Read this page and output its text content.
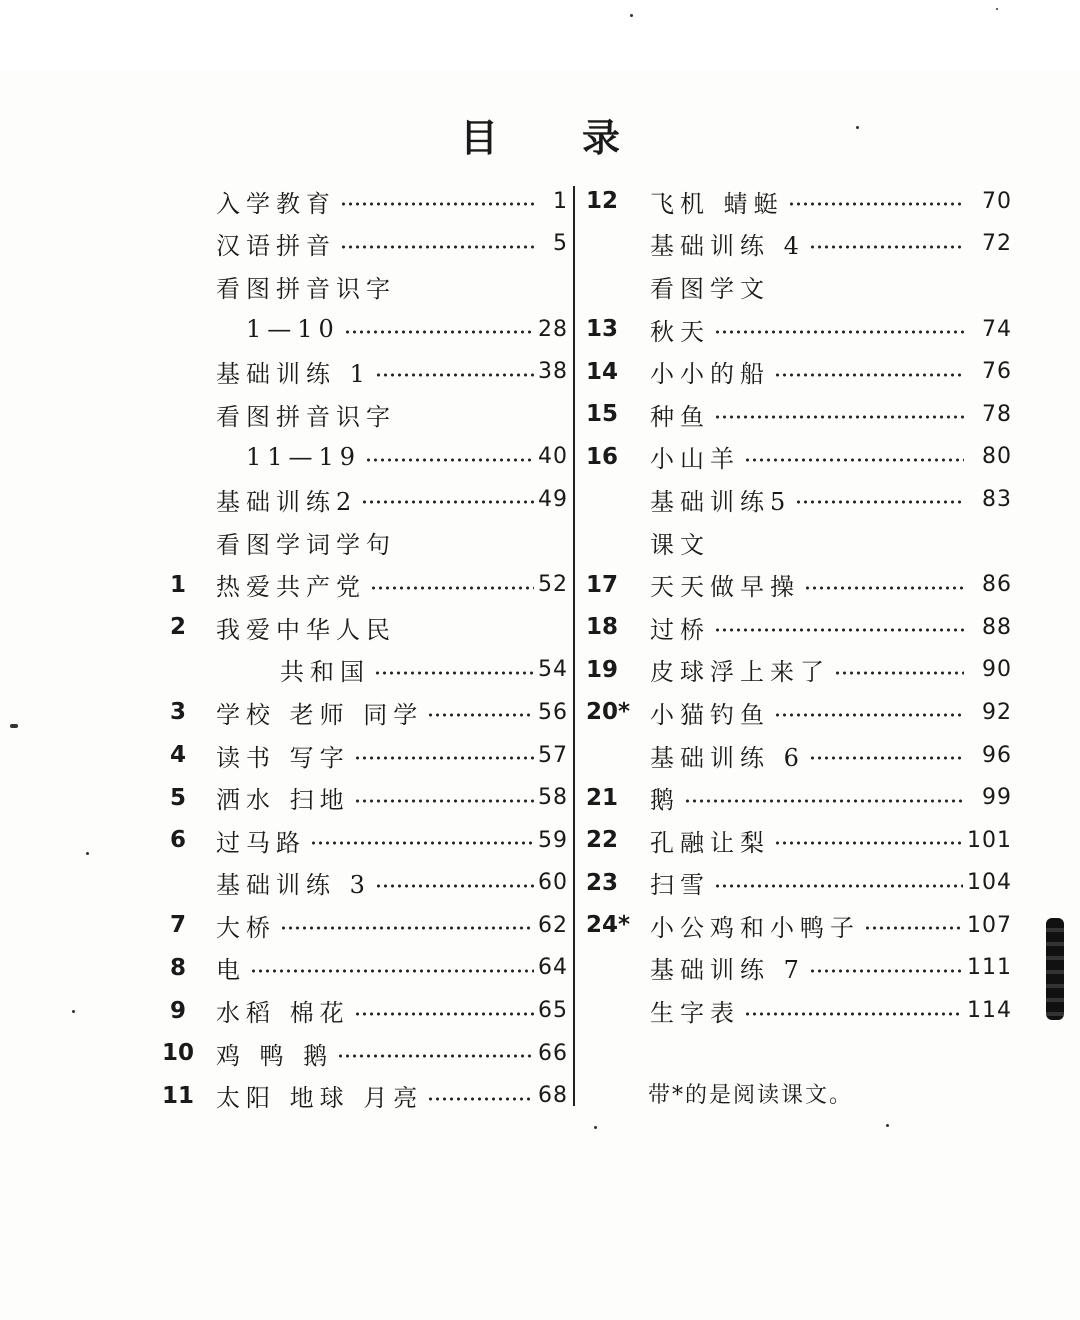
目 录
入学教育	1
汉语拼音	5
看图拼音识字
1—10	28
基础训练 1	38
看图拼音识字
11—19	40
基础训练2	49
看图学词学句
1	热爱共产党	52
2	我爱中华人民
共和国	54
3	学校 老师 同学	56
4	读书 写字	57
5	洒水 扫地	58
6	过马路	59
基础训练 3	60
7	大桥	62
8	电	64
9	水稻 棉花	65
10 鸡 鸭 鹅	66
11 太阳 地球 月亮	68
12	飞机 蜻蜓	70
基础训练 4	72
看图学文
13	秋天	74
14	小小的船	76
15	种鱼	78
16	小山羊	80
基础训练5	83
课文
17	天天做早操	86
18	过桥	88
19	皮球浮上来了	90
20* 小猫钓鱼	92
基础训练 6	96
21	鹅	99
22	孔融让梨	101
23	扫雪	104
24* 小公鸡和小鸭子	107
基础训练 7	111
生字表	114
带*的是阅读课文。
